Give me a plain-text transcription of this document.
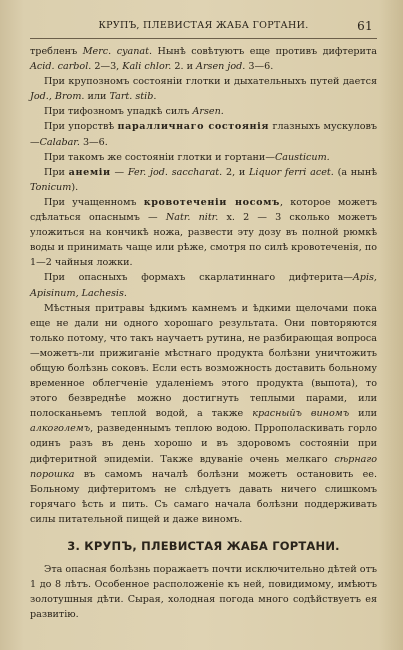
КРУПЪ, ПЛЕВИСТАЯ ЖАБА ГОРТАНИ.	61

требленъ Merc. cyanat. Нынѣ совѣтуютъ еще противъ дифтерита Acid. carbol. 2—3, Kali chlor. 2. и Arsen jod. 3—6.

При крупозномъ состояніи глотки и дыхательныхъ путей дается Jod., Brom. или Tart. stib.

При тифозномъ упадкѣ силъ Arsen.

При упорствѣ паралличнаго состоянія глазныхъ мускуловъ—Calabar. 3—6.

При такомъ же состояніи глотки и гортани—Causticum.

При анеміи — Fer. jod. saccharat. 2, и Liquor ferri acet. (а нынѣ Tonicum).

При учащенномъ кровотеченіи носомъ, которое можетъ сдѣлаться опаснымъ — Natr. nitr. х. 2 — 3 сколько можетъ уложиться на кончикѣ ножа, развести эту дозу въ полной рюмкѣ воды и принимать чаще или рѣже, смотря по силѣ кровотеченія, по 1—2 чайныя ложки.

При опасныхъ формахъ скарлатиннаго дифтерита—Apis, Apisinum, Lachesis.

Мѣстныя притравы ѣдкимъ камнемъ и ѣдкими щелочами пока еще не дали ни одного хорошаго результата. Они повторяются только потому, что такъ научаетъ рутина, не разбирающая вопроса—можетъ-ли прижиганіе мѣстнаго продукта болѣзни уничтожить общую болѣзнь соковъ. Если есть возможность доставить больному временное облегченіе удаленіемъ этого продукта (выпота), то этого безвреднѣе можно достигнуть теплыми парами, или полосканьемъ теплой водой, а также красныйъ виномъ или алкоголемъ, разведеннымъ теплою водою. Пррополаскивать горло одинъ разъ въ день хорошо и въ здоровомъ состояніи при дифтеритной эпидеміи. Также вдуваніе очень мелкаго сѣрнаго порошка въ самомъ началѣ болѣзни можетъ остановить ее. Больному дифтеритомъ не слѣдуетъ давать ничего слишкомъ горячаго ѣсть и пить. Съ самаго начала болѣзни поддерживать силы питательной пищей и даже виномъ.

3. КРУПЪ, ПЛЕВИСТАЯ ЖАБА ГОРТАНИ.

Эта опасная болѣзнь поражаетъ почти исключительно дѣтей отъ 1 до 8 лѣтъ. Особенное расположеніе къ ней, повидимому, имѣютъ золотушныя дѣти. Сырая, холодная погода много содѣйствуетъ ея развитію.
